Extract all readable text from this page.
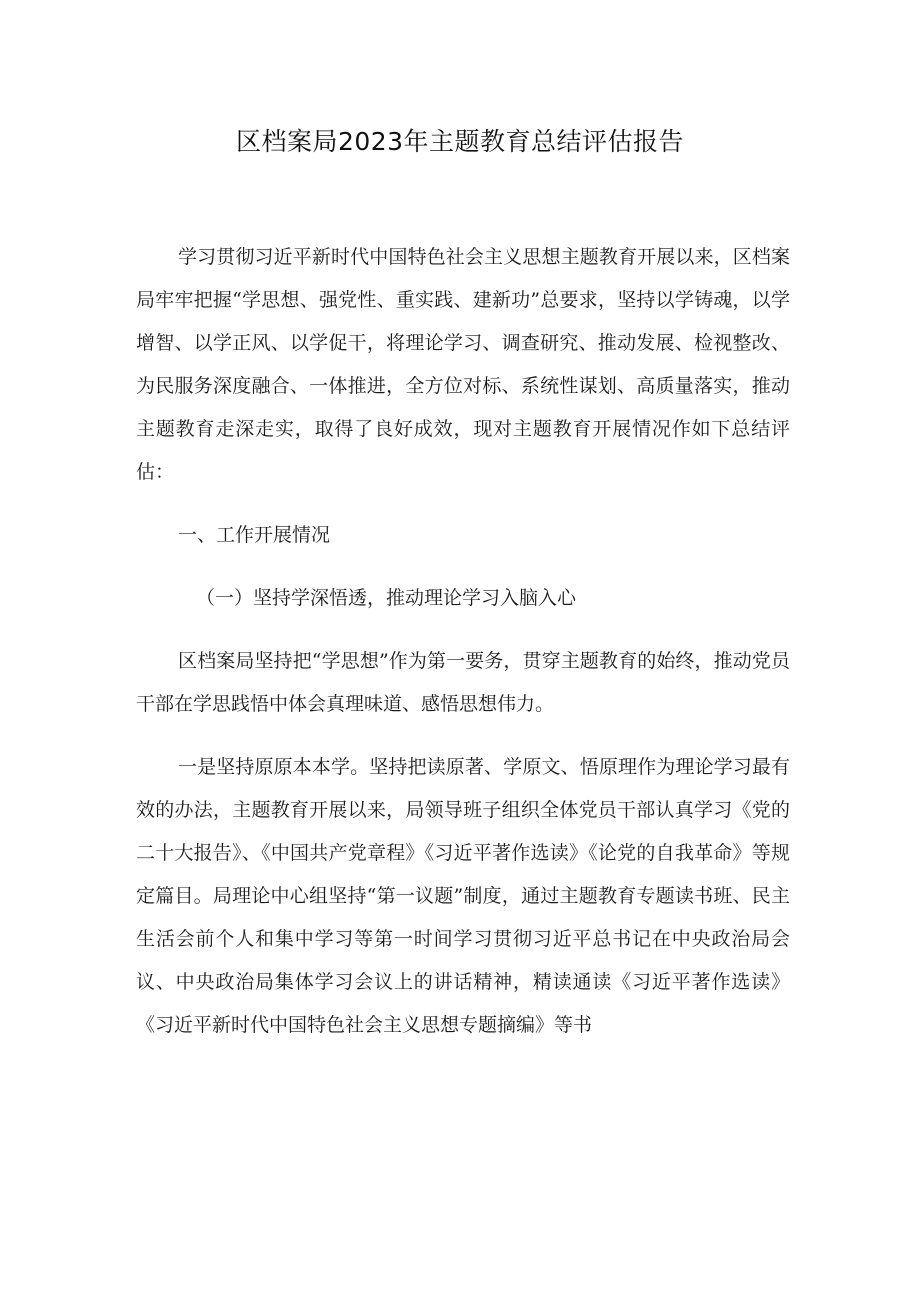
区档案局2023年主题教育总结评估报告

学习贯彻习近平新时代中国特色社会主义思想主题教育开展以来，区档案局牢牢把握“学思想、强党性、重实践、建新功”总要求，坚持以学铸魂，以学增智、以学正风、以学促干，将理论学习、调查研究、推动发展、检视整改、为民服务深度融合、一体推进，全方位对标、系统性谋划、高质量落实，推动主题教育走深走实，取得了良好成效，现对主题教育开展情况作如下总结评估：

一、工作开展情况

（一）坚持学深悟透，推动理论学习入脑入心

区档案局坚持把“学思想”作为第一要务，贯穿主题教育的始终，推动党员干部在学思践悟中体会真理味道、感悟思想伟力。

一是坚持原原本本学。坚持把读原著、学原文、悟原理作为理论学习最有效的办法，主题教育开展以来，局领导班子组织全体党员干部认真学习《党的二十大报告》、《中国共产党章程》《习近平著作选读》《论党的自我革命》等规定篇目。局理论中心组坚持“第一议题”制度，通过主题教育专题读书班、民主生活会前个人和集中学习等第一时间学习贯彻习近平总书记在中央政治局会议、中央政治局集体学习会议上的讲话精神，精读通读《习近平著作选读》《习近平新时代中国特色社会主义思想专题摘编》等书
